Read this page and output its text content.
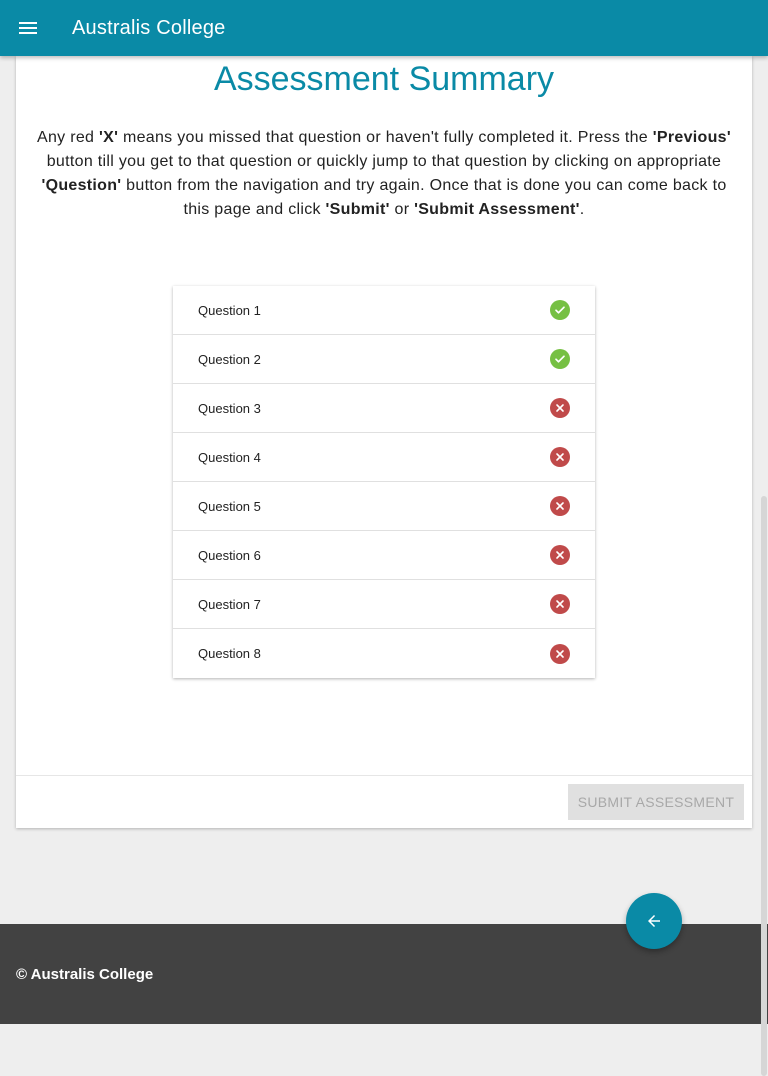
Australis College
Assessment Summary

Any red 'X' means you missed that question or haven't fully completed it. Press the 'Previous' button till you get to that question or quickly jump to that question by clicking on appropriate 'Question' button from the navigation and try again. Once that is done you can come back to this page and click 'Submit' or 'Submit Assessment'.

Question 1
Question 2
Question 3
Question 4
Question 5
Question 6
Question 7
Question 8
SUBMIT ASSESSMENT
© Australis College
